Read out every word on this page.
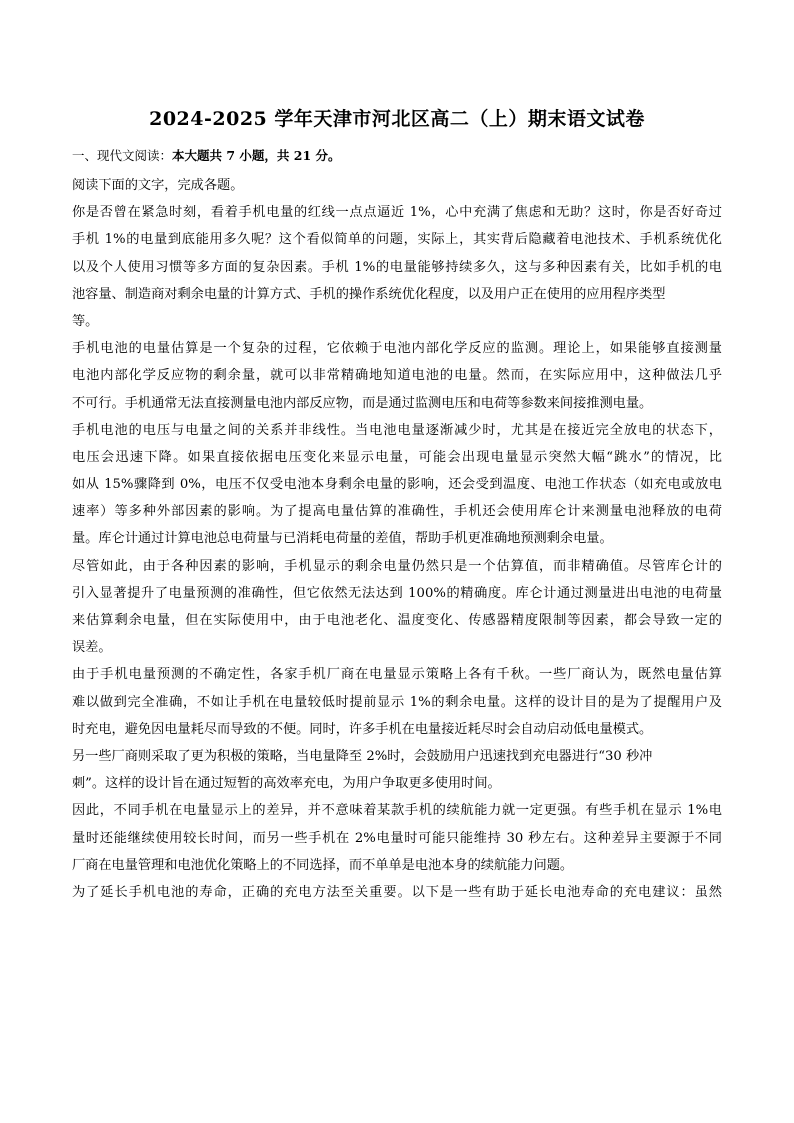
2024-2025 学年天津市河北区高二（上）期末语文试卷

一、现代文阅读：本大题共 7 小题，共 21 分。

阅读下面的文字，完成各题。
你是否曾在紧急时刻，看着手机电量的红线一点点逼近 1%，心中充满了焦虑和无助？这时，你是否好奇过
手机 1%的电量到底能用多久呢？这个看似简单的问题，实际上，其实背后隐藏着电池技术、手机系统优化
以及个人使用习惯等多方面的复杂因素。手机 1%的电量能够持续多久，这与多种因素有关，比如手机的电
池容量、制造商对剩余电量的计算方式、手机的操作系统优化程度，以及用户正在使用的应用程序类型
等。
手机电池的电量估算是一个复杂的过程，它依赖于电池内部化学反应的监测。理论上，如果能够直接测量
电池内部化学反应物的剩余量，就可以非常精确地知道电池的电量。然而，在实际应用中，这种做法几乎
不可行。手机通常无法直接测量电池内部反应物，而是通过监测电压和电荷等参数来间接推测电量。
手机电池的电压与电量之间的关系并非线性。当电池电量逐渐减少时，尤其是在接近完全放电的状态下，
电压会迅速下降。如果直接依据电压变化来显示电量，可能会出现电量显示突然大幅“跳水”的情况，比
如从 15%骤降到 0%，电压不仅受电池本身剩余电量的影响，还会受到温度、电池工作状态（如充电或放电
速率）等多种外部因素的影响。为了提高电量估算的准确性，手机还会使用库仑计来测量电池释放的电荷
量。库仑计通过计算电池总电荷量与已消耗电荷量的差值，帮助手机更准确地预测剩余电量。
尽管如此，由于各种因素的影响，手机显示的剩余电量仍然只是一个估算值，而非精确值。尽管库仑计的
引入显著提升了电量预测的准确性，但它依然无法达到 100%的精确度。库仑计通过测量进出电池的电荷量
来估算剩余电量，但在实际使用中，由于电池老化、温度变化、传感器精度限制等因素，都会导致一定的
误差。
由于手机电量预测的不确定性，各家手机厂商在电量显示策略上各有千秋。一些厂商认为，既然电量估算
难以做到完全准确，不如让手机在电量较低时提前显示 1%的剩余电量。这样的设计目的是为了提醒用户及
时充电，避免因电量耗尽而导致的不便。同时，许多手机在电量接近耗尽时会自动启动低电量模式。
另一些厂商则采取了更为积极的策略，当电量降至 2%时，会鼓励用户迅速找到充电器进行“30 秒冲
刺”。这样的设计旨在通过短暂的高效率充电，为用户争取更多使用时间。
因此，不同手机在电量显示上的差异，并不意味着某款手机的续航能力就一定更强。有些手机在显示 1%电
量时还能继续使用较长时间，而另一些手机在 2%电量时可能只能维持 30 秒左右。这种差异主要源于不同
厂商在电量管理和电池优化策略上的不同选择，而不单单是电池本身的续航能力问题。
为了延长手机电池的寿命，正确的充电方法至关重要。以下是一些有助于延长电池寿命的充电建议：虽然
